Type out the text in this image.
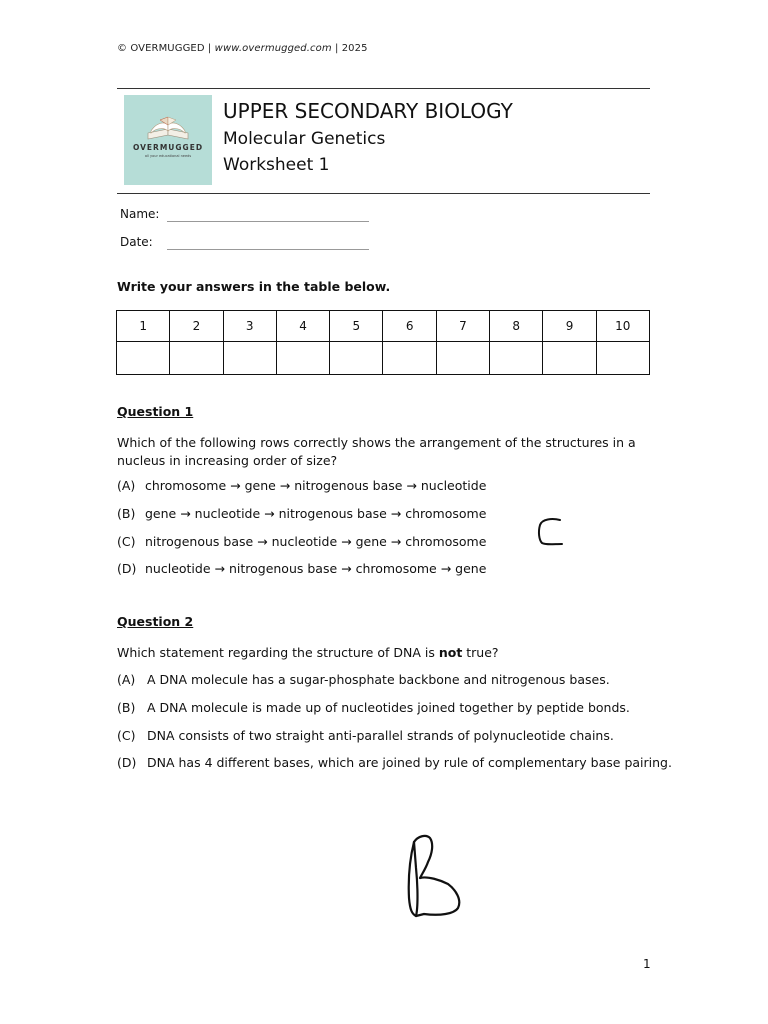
© OVERMUGGED | www.overmugged.com | 2025
OVERMUGGED
all your educational needs
UPPER SECONDARY BIOLOGY
Molecular Genetics
Worksheet 1
Name:
Date:
Write your answers in the table below.
1	2	3	4	5	6	7	8	9	10

Question 1
Which of the following rows correctly shows the arrangement of the structures in a nucleus in increasing order of size?
(A) chromosome → gene → nitrogenous base → nucleotide
(B) gene → nucleotide → nitrogenous base → chromosome
(C) nitrogenous base → nucleotide → gene → chromosome
(D) nucleotide → nitrogenous base → chromosome → gene
Question 2
Which statement regarding the structure of DNA is not true?
(A) A DNA molecule has a sugar-phosphate backbone and nitrogenous bases.
(B) A DNA molecule is made up of nucleotides joined together by peptide bonds.
(C) DNA consists of two straight anti-parallel strands of polynucleotide chains.
(D) DNA has 4 different bases, which are joined by rule of complementary base pairing.
1
